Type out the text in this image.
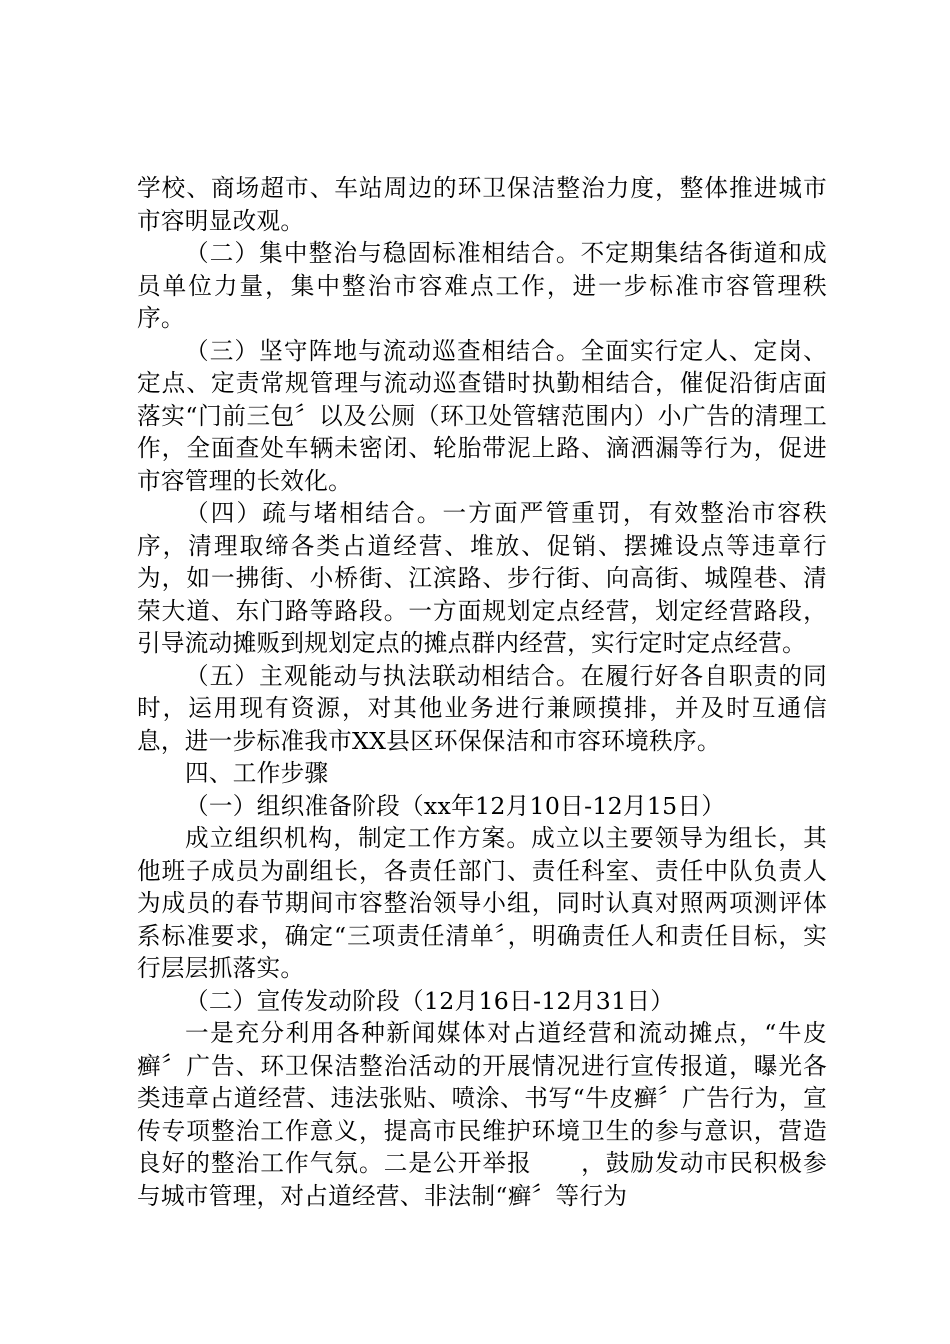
学校、商场超市、车站周边的环卫保洁整治力度，整体推进城市市容明显改观。

（二）集中整治与稳固标准相结合。不定期集结各街道和成员单位力量，集中整治市容难点工作，进一步标准市容管理秩序。

（三）坚守阵地与流动巡查相结合。全面实行定人、定岗、定点、定责常规管理与流动巡查错时执勤相结合，催促沿街店面落实“门前三包〞以及公厕（环卫处管辖范围内）小广告的清理工作，全面查处车辆未密闭、轮胎带泥上路、滴洒漏等行为，促进市容管理的长效化。

（四）疏与堵相结合。一方面严管重罚，有效整治市容秩序，清理取缔各类占道经营、堆放、促销、摆摊设点等违章行为，如一拂街、小桥街、江滨路、步行街、向高街、城隍巷、清荣大道、东门路等路段。一方面规划定点经营，划定经营路段，引导流动摊贩到规划定点的摊点群内经营，实行定时定点经营。

（五）主观能动与执法联动相结合。在履行好各自职责的同时，运用现有资源，对其他业务进行兼顾摸排，并及时互通信息，进一步标准我市XX县区环保保洁和市容环境秩序。

四、工作步骤

（一）组织准备阶段（xx年12月10日-12月15日）

成立组织机构，制定工作方案。成立以主要领导为组长，其他班子成员为副组长，各责任部门、责任科室、责任中队负责人为成员的春节期间市容整治领导小组，同时认真对照两项测评体系标准要求，确定“三项责任清单〞，明确责任人和责任目标，实行层层抓落实。

（二）宣传发动阶段（12月16日-12月31日）

一是充分利用各种新闻媒体对占道经营和流动摊点，“牛皮癣〞广告、环卫保洁整治活动的开展情况进行宣传报道，曝光各类违章占道经营、违法张贴、喷涂、书写“牛皮癣〞广告行为，宣传专项整治工作意义，提高市民维护环境卫生的参与意识，营造良好的整治工作气氛。二是公开举报　　，鼓励发动市民积极参与城市管理，对占道经营、非法制“癣〞等行为
